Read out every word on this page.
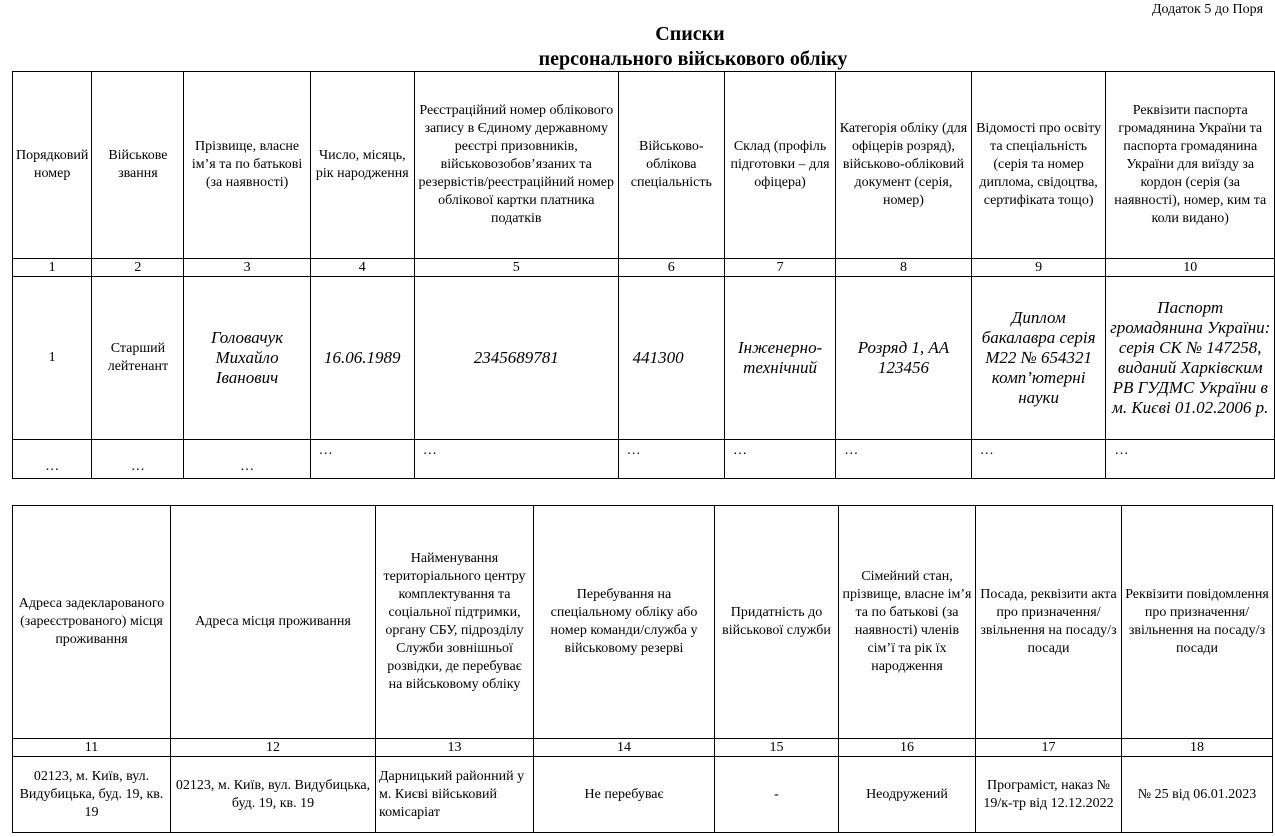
Додаток 5 до Поря
Списки
персонального військового обліку
Порядковий номер	Військове звання	Прізвище, власне ім’я та по батькові (за наявності)	Число, місяць, рік народження	Реєстраційний номер облікового запису в Єдиному державному реєстрі призовників, військовозобов’язаних та резервістів/реєстраційний номер облікової картки платника податків	Військово-облікова спеціальність	Склад (профіль підготовки – для офіцера)	Категорія обліку (для офіцерів розряд), військово-обліковий документ (серія, номер)	Відомості про освіту та спеціальність (серія та номер диплома, свідоцтва, сертифіката тощо)	Реквізити паспорта громадянина України та паспорта громадянина України для виїзду за кордон (серія (за наявності), номер, ким та коли видано)
1	2	3	4	5	6	7	8	9	10
1	Старший лейтенант	Головачук Михайло Іванович	16.06.1989	2345689781	441300	Інженерно-технічний	Розряд 1, АА 123456	Диплом бакалавра серія М22 № 654321 комп’ютерні науки	Паспорт громадянина України: серія СК № 147258, виданий Харківским РВ ГУДМС України в м. Києві 01.02.2006 р.
…	…	…	…	…	…	…	…	…	…
Адреса задекларованого (зареєстрованого) місця проживання	Адреса місця проживання	Найменування територіального центру комплектування та соціальної підтримки, органу СБУ, підрозділу Служби зовнішньої розвідки, де перебуває на військовому обліку	Перебування на спеціальному обліку або номер команди/служба у військовому резерві	Придатність до військової служби	Сімейний стан, прізвище, власне ім’я та по батькові (за наявності) членів сім’ї та рік їх народження	Посада, реквізити акта про призначення/звільнення на посаду/з посади	Реквізити повідомлення про призначення/звільнення на посаду/з посади
11	12	13	14	15	16	17	18
02123, м. Київ, вул. Видубицька, буд. 19, кв. 19	02123, м. Київ, вул. Видубицька, буд. 19, кв. 19	Дарницький районний у м. Києві військовий комісаріат	Не перебуває	-	Неодружений	Програміст, наказ № 19/к-тр від 12.12.2022	№ 25 від 06.01.2023
